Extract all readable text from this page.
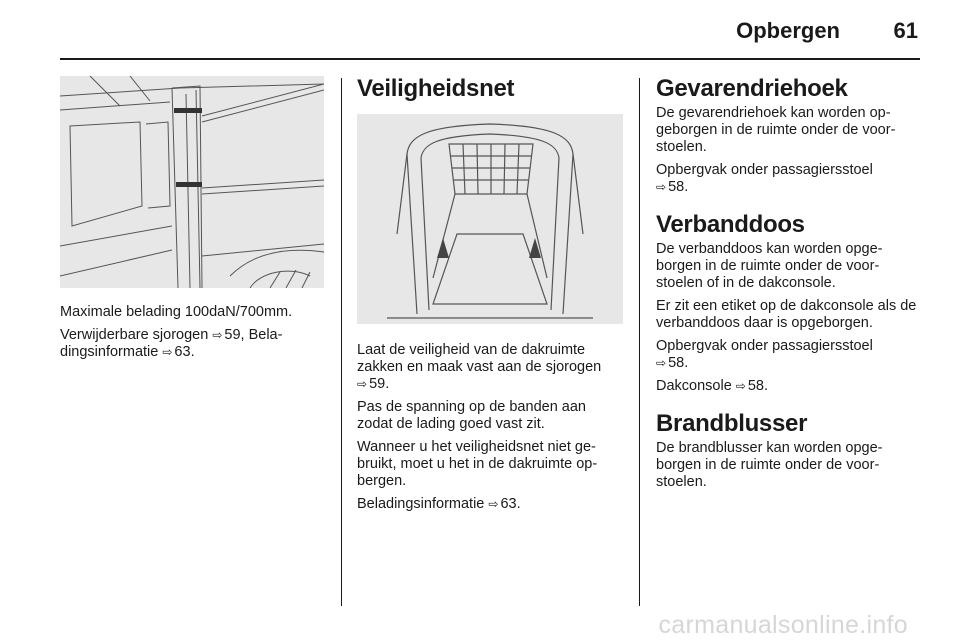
Opbergen 61

Maximale belading 100daN/700mm.

Verwijderbare sjorogen ⇨ 59, Bela-dingsinformatie ⇨ 63.

Veiligheidsnet

Laat de veiligheid van de dakruimte zakken en maak vast aan de sjorogen
⇨ 59.

Pas de spanning op de banden aan zodat de lading goed vast zit.

Wanneer u het veiligheidsnet niet ge-bruikt, moet u het in de dakruimte op-bergen.

Beladingsinformatie ⇨ 63.

Gevarendriehoek

De gevarendriehoek kan worden op-geborgen in de ruimte onder de voor-stoelen.

Opbergvak onder passagiersstoel
⇨ 58.

Verbanddoos

De verbanddoos kan worden opge-borgen in de ruimte onder de voor-stoelen of in de dakconsole.

Er zit een etiket op de dakconsole als de verbanddoos daar is opgeborgen.

Opbergvak onder passagiersstoel
⇨ 58.

Dakconsole ⇨ 58.

Brandblusser

De brandblusser kan worden opge-borgen in de ruimte onder de voor-stoelen.

carmanualsonline.info
